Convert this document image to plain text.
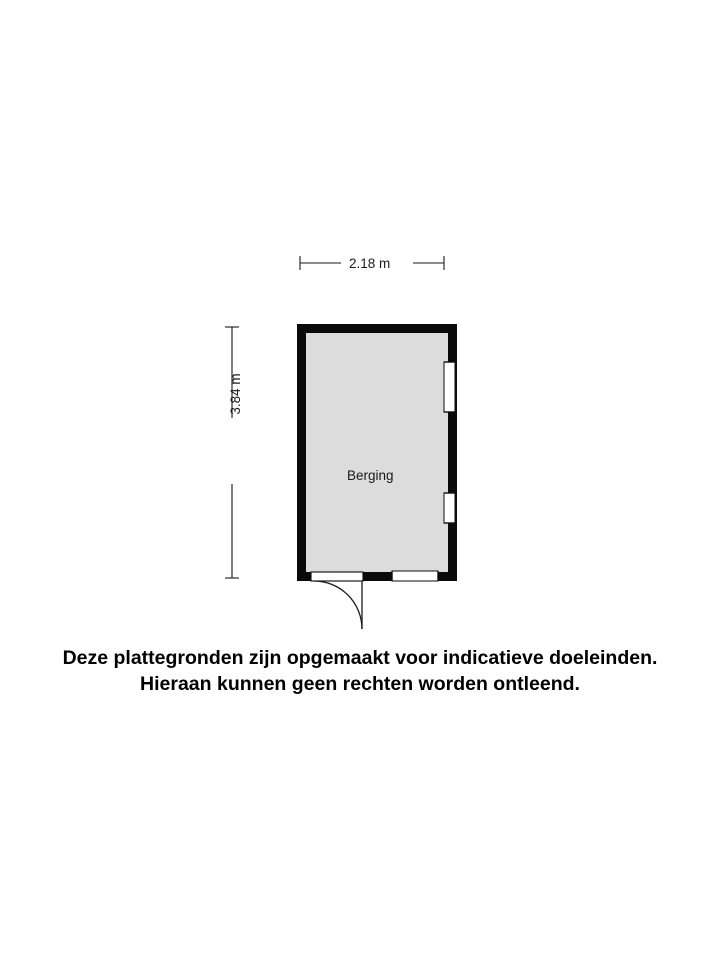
2.18 m
3.84 m
Berging
Deze plattegronden zijn opgemaakt voor indicatieve doeleinden.
Hieraan kunnen geen rechten worden ontleend.
